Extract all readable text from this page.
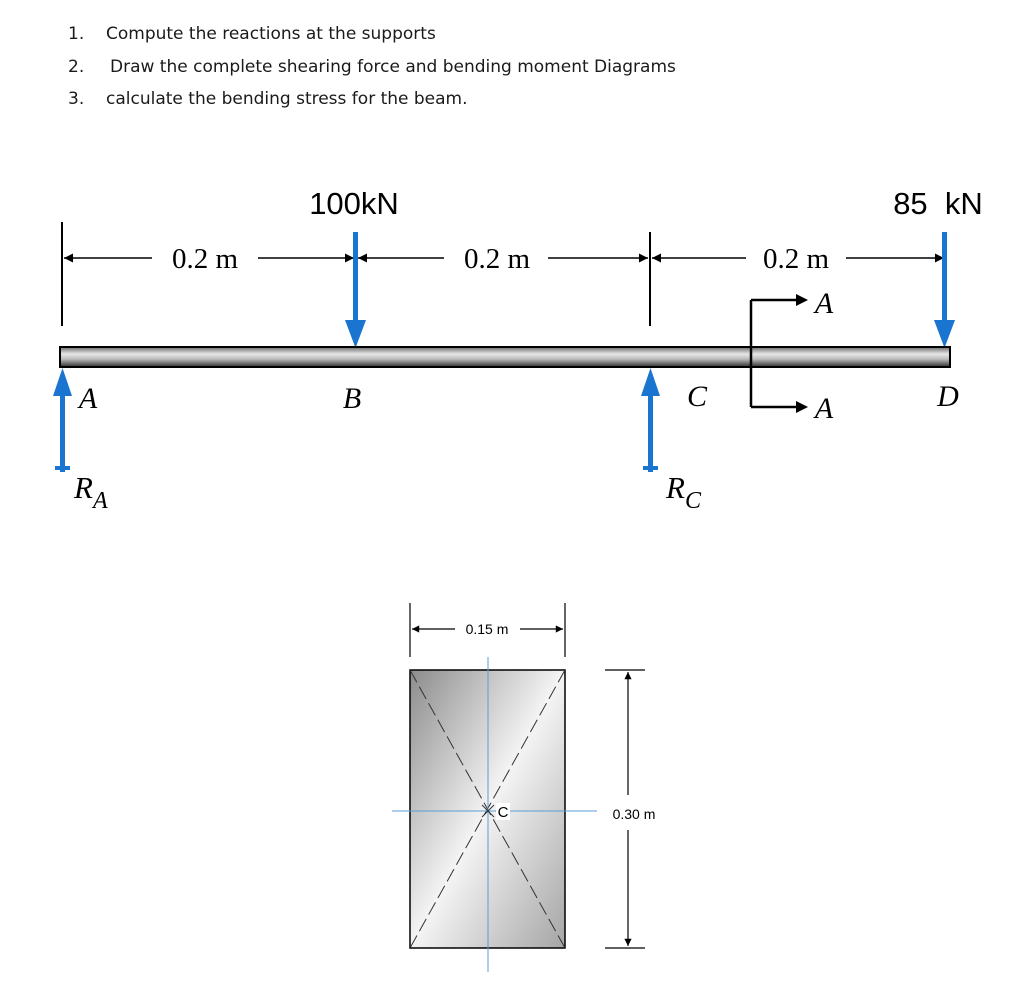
1. Compute the reactions at the supports
2. Draw the complete shearing force and bending moment Diagrams
3. calculate the bending stress for the beam.
0.2 m	0.2 m	0.2 m
100kN	85  kN
A	B	C	D
$R_A$	$R_C$
A
A
0.15 m
C	0.30 m
